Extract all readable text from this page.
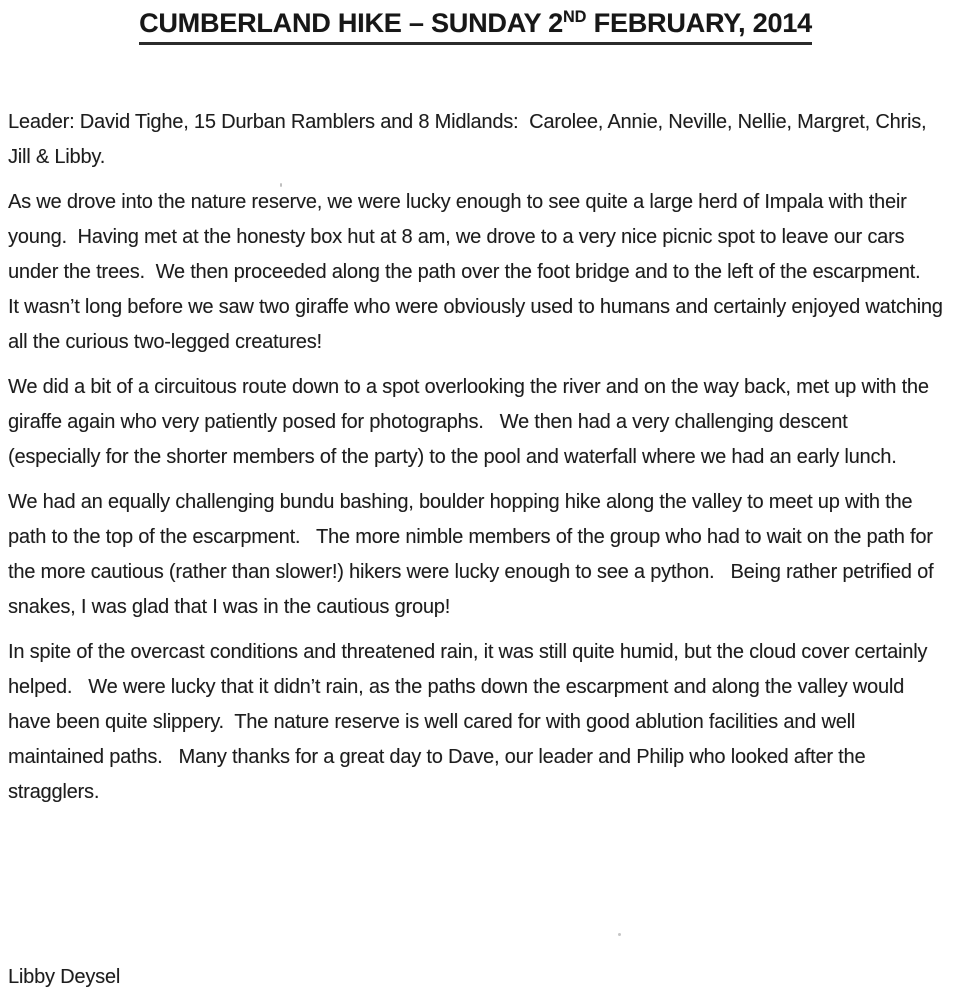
CUMBERLAND HIKE – SUNDAY 2ND FEBRUARY, 2014

Leader: David Tighe, 15 Durban Ramblers and 8 Midlands:  Carolee, Annie, Neville, Nellie, Margret, Chris, Jill & Libby.

As we drove into the nature reserve, we were lucky enough to see quite a large herd of Impala with their young.  Having met at the honesty box hut at 8 am, we drove to a very nice picnic spot to leave our cars under the trees.  We then proceeded along the path over the foot bridge and to the left of the escarpment.   It wasn’t long before we saw two giraffe who were obviously used to humans and certainly enjoyed watching all the curious two-legged creatures!

We did a bit of a circuitous route down to a spot overlooking the river and on the way back, met up with the giraffe again who very patiently posed for photographs.   We then had a very challenging descent (especially for the shorter members of the party) to the pool and waterfall where we had an early lunch.

We had an equally challenging bundu bashing, boulder hopping hike along the valley to meet up with the path to the top of the escarpment.   The more nimble members of the group who had to wait on the path for the more cautious (rather than slower!) hikers were lucky enough to see a python.   Being rather petrified of snakes, I was glad that I was in the cautious group!

In spite of the overcast conditions and threatened rain, it was still quite humid, but the cloud cover certainly helped.   We were lucky that it didn’t rain, as the paths down the escarpment and along the valley would have been quite slippery.  The nature reserve is well cared for with good ablution facilities and well maintained paths.   Many thanks for a great day to Dave, our leader and Philip who looked after the stragglers.

Libby Deysel
